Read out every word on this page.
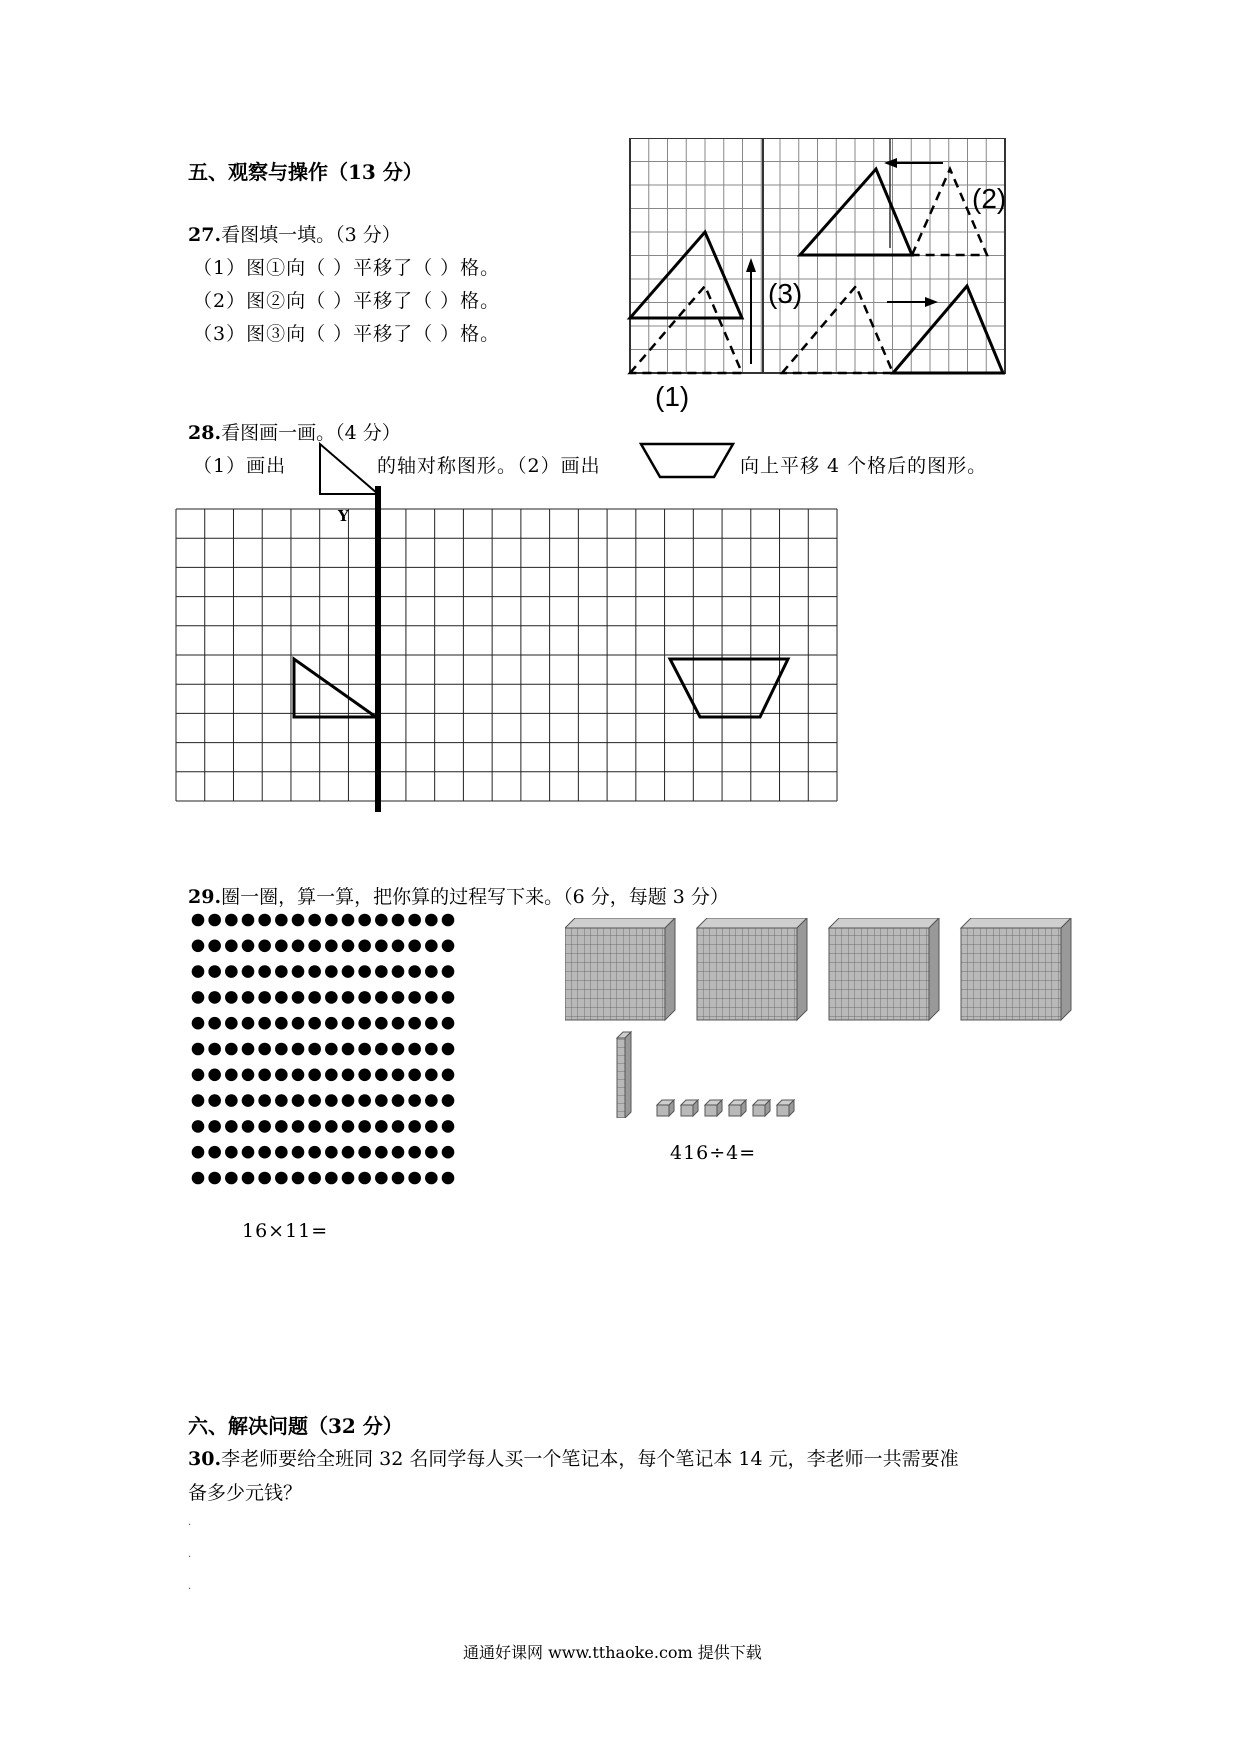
五、观察与操作（13 分）
27.看图填一填。（3 分）
（1）图①向（ ）平移了（ ）格。
（2）图②向（ ）平移了（ ）格。
（3）图③向（ ）平移了（ ）格。
(2)
(3)
(1)
28.看图画一画。（4 分）
（1）画出	的轴对称图形。（2）画出	向上平移 4 个格后的图形。
Y
29.圈一圈，算一算，把你算的过程写下来。（6 分，每题 3 分）
16×11=
416÷4=
六、解决问题（32 分）
30.李老师要给全班同 32 名同学每人买一个笔记本，每个笔记本 14 元，李老师一共需要准
备多少元钱？
·
·
·
通通好课网 www.tthaoke.com 提供下载
